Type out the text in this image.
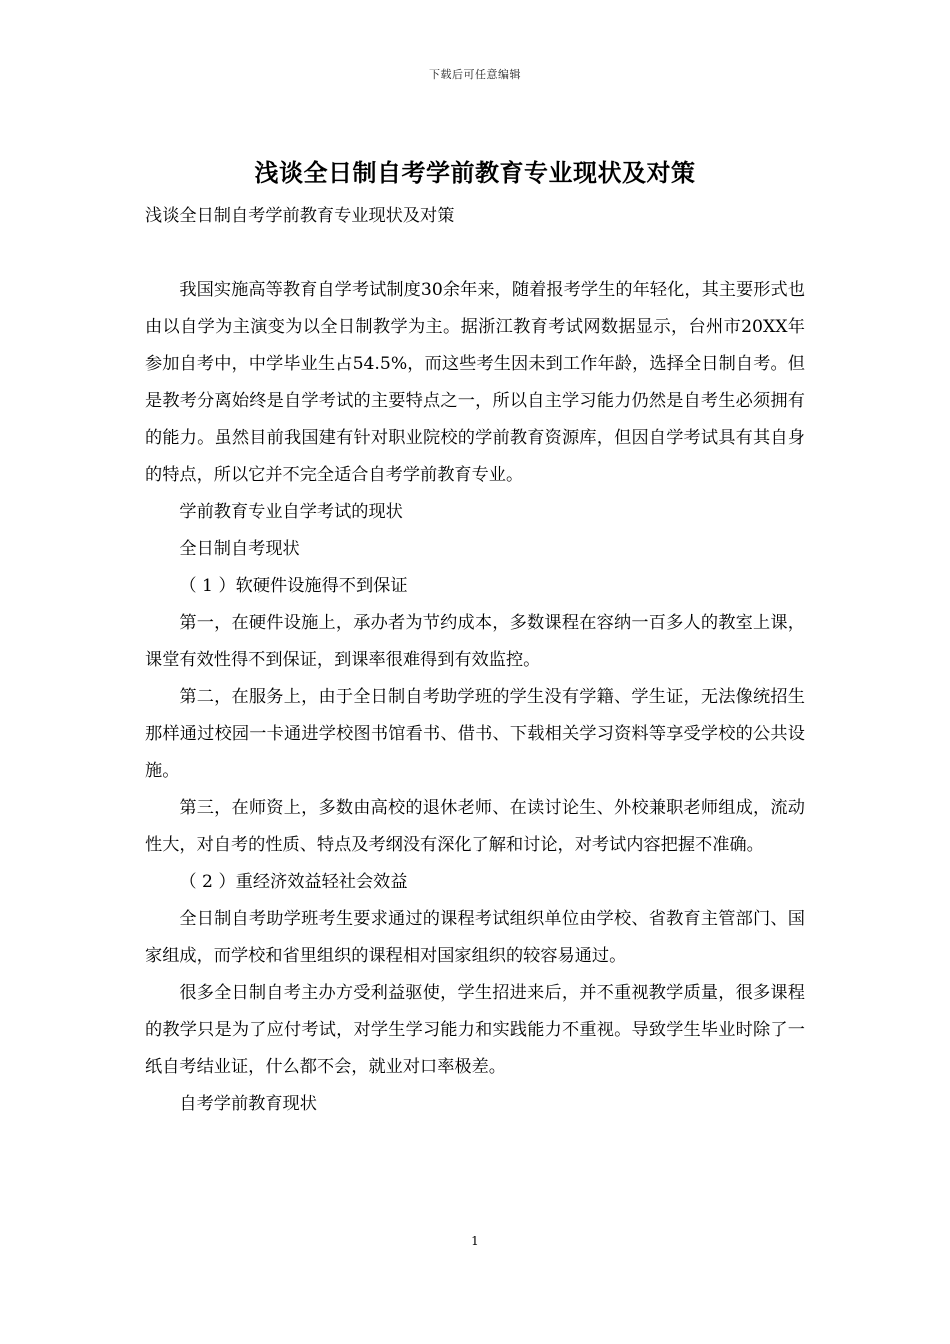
下载后可任意编辑
浅谈全日制自考学前教育专业现状及对策

浅谈全日制自考学前教育专业现状及对策

我国实施高等教育自学考试制度30余年来，随着报考学生的年轻化，其主要形式也由以自学为主演变为以全日制教学为主。据浙江教育考试网数据显示，台州市20XX年参加自考中，中学毕业生占54.5%，而这些考生因未到工作年龄，选择全日制自考。但是教考分离始终是自学考试的主要特点之一，所以自主学习能力仍然是自考生必须拥有的能力。虽然目前我国建有针对职业院校的学前教育资源库，但因自学考试具有其自身的特点，所以它并不完全适合自考学前教育专业。

学前教育专业自学考试的现状

全日制自考现状

（ 1 ）软硬件设施得不到保证

第一，在硬件设施上，承办者为节约成本，多数课程在容纳一百多人的教室上课，课堂有效性得不到保证，到课率很难得到有效监控。

第二，在服务上，由于全日制自考助学班的学生没有学籍、学生证，无法像统招生那样通过校园一卡通进学校图书馆看书、借书、下载相关学习资料等享受学校的公共设施。

第三，在师资上，多数由高校的退休老师、在读讨论生、外校兼职老师组成，流动性大，对自考的性质、特点及考纲没有深化了解和讨论，对考试内容把握不准确。

（ 2 ）重经济效益轻社会效益

全日制自考助学班考生要求通过的课程考试组织单位由学校、省教育主管部门、国家组成，而学校和省里组织的课程相对国家组织的较容易通过。

很多全日制自考主办方受利益驱使，学生招进来后，并不重视教学质量，很多课程的教学只是为了应付考试，对学生学习能力和实践能力不重视。导致学生毕业时除了一纸自考结业证，什么都不会，就业对口率极差。

自考学前教育现状

1
